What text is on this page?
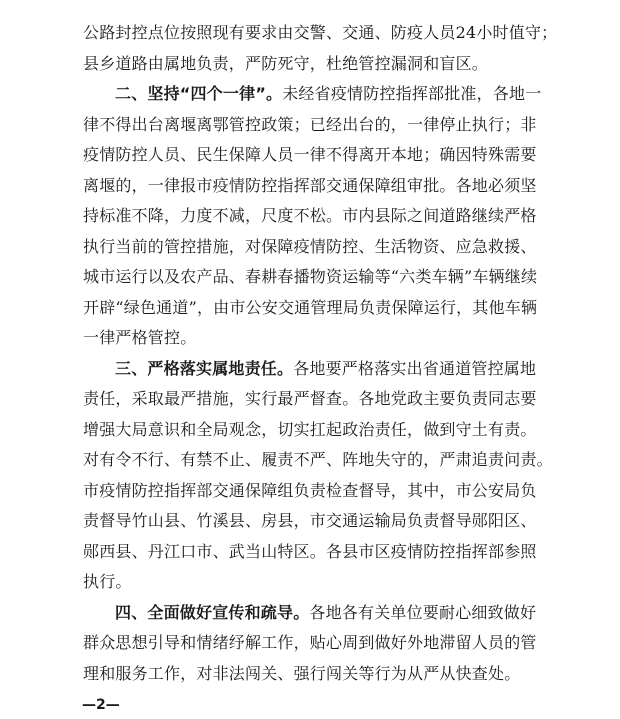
公路封控点位按照现有要求由交警、交通、防疫人员24小时值守；
县乡道路由属地负责，严防死守，杜绝管控漏洞和盲区。
二、坚持“四个一律”。未经省疫情防控指挥部批准，各地一
律不得出台离堰离鄂管控政策；已经出台的，一律停止执行；非
疫情防控人员、民生保障人员一律不得离开本地；确因特殊需要
离堰的，一律报市疫情防控指挥部交通保障组审批。各地必须坚
持标准不降，力度不减，尺度不松。市内县际之间道路继续严格
执行当前的管控措施，对保障疫情防控、生活物资、应急救援、
城市运行以及农产品、春耕春播物资运输等“六类车辆”车辆继续
开辟“绿色通道”，由市公安交通管理局负责保障运行，其他车辆
一律严格管控。
三、严格落实属地责任。各地要严格落实出省通道管控属地
责任，采取最严措施，实行最严督查。各地党政主要负责同志要
增强大局意识和全局观念，切实扛起政治责任，做到守土有责。
对有令不行、有禁不止、履责不严、阵地失守的，严肃追责问责。
市疫情防控指挥部交通保障组负责检查督导，其中，市公安局负
责督导竹山县、竹溪县、房县，市交通运输局负责督导郧阳区、
郧西县、丹江口市、武当山特区。各县市区疫情防控指挥部参照
执行。
四、全面做好宣传和疏导。各地各有关单位要耐心细致做好
群众思想引导和情绪纾解工作，贴心周到做好外地滞留人员的管
理和服务工作，对非法闯关、强行闯关等行为从严从快查处。
—2—
